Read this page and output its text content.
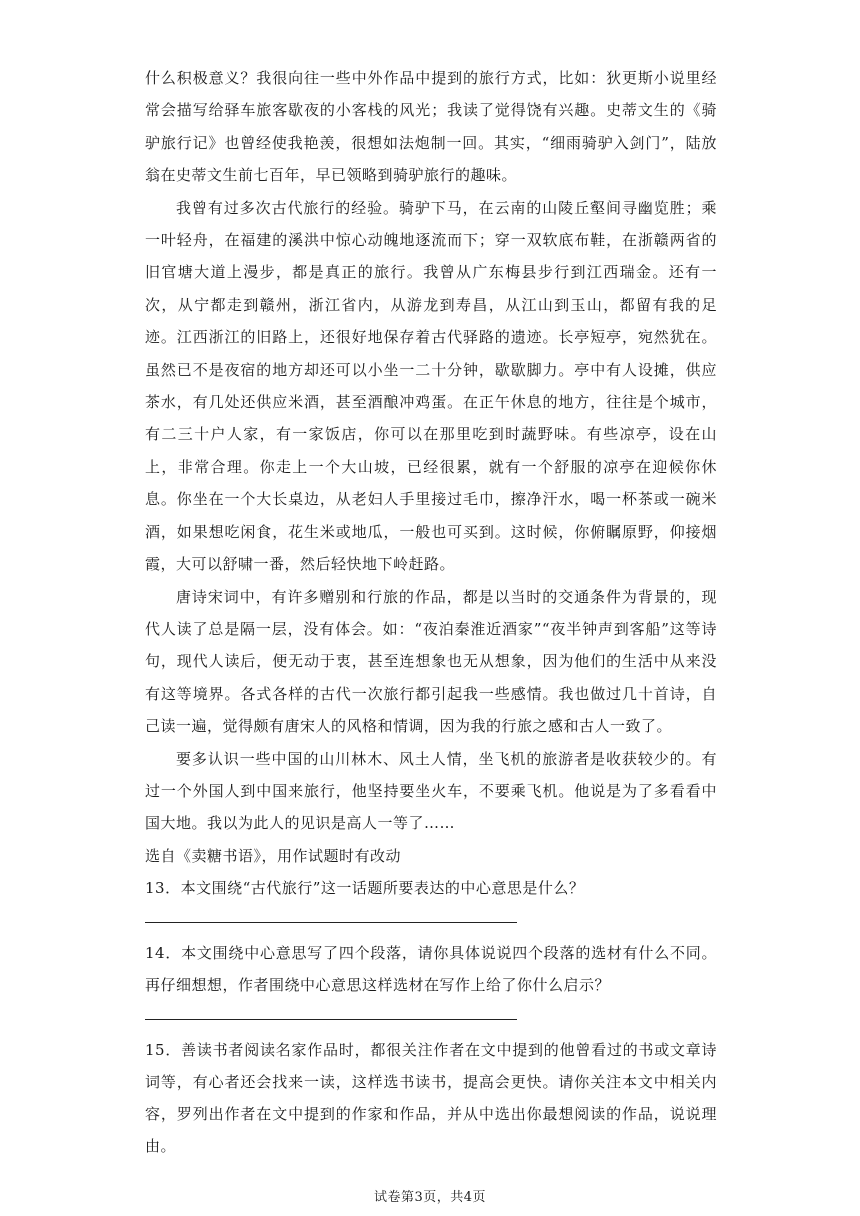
什么积极意义？我很向往一些中外作品中提到的旅行方式，比如：狄更斯小说里经常会描写给驿车旅客歇夜的小客栈的风光；我读了觉得饶有兴趣。史蒂文生的《骑驴旅行记》也曾经使我艳羡，很想如法炮制一回。其实，“细雨骑驴入剑门”，陆放翁在史蒂文生前七百年，早已领略到骑驴旅行的趣味。

我曾有过多次古代旅行的经验。骑驴下马，在云南的山陵丘壑间寻幽览胜；乘一叶轻舟，在福建的溪洪中惊心动魄地逐流而下；穿一双软底布鞋，在浙赣两省的旧官塘大道上漫步，都是真正的旅行。我曾从广东梅县步行到江西瑞金。还有一次，从宁都走到赣州，浙江省内，从游龙到寿昌，从江山到玉山，都留有我的足迹。江西浙江的旧路上，还很好地保存着古代驿路的遗迹。长亭短亭，宛然犹在。虽然已不是夜宿的地方却还可以小坐一二十分钟，歇歇脚力。亭中有人设摊，供应茶水，有几处还供应米酒，甚至酒酿冲鸡蛋。在正午休息的地方，往往是个城市，有二三十户人家，有一家饭店，你可以在那里吃到时蔬野味。有些凉亭，设在山上，非常合理。你走上一个大山坡，已经很累，就有一个舒服的凉亭在迎候你休息。你坐在一个大长桌边，从老妇人手里接过毛巾，擦净汗水，喝一杯茶或一碗米酒，如果想吃闲食，花生米或地瓜，一般也可买到。这时候，你俯瞩原野，仰接烟霞，大可以舒啸一番，然后轻快地下岭赶路。

唐诗宋词中，有许多赠别和行旅的作品，都是以当时的交通条件为背景的，现代人读了总是隔一层，没有体会。如：“夜泊秦淮近酒家”“夜半钟声到客船”这等诗句，现代人读后，便无动于衷，甚至连想象也无从想象，因为他们的生活中从来没有这等境界。各式各样的古代一次旅行都引起我一些感情。我也做过几十首诗，自己读一遍，觉得颇有唐宋人的风格和情调，因为我的行旅之感和古人一致了。

要多认识一些中国的山川林木、风土人情，坐飞机的旅游者是收获较少的。有过一个外国人到中国来旅行，他坚持要坐火车，不要乘飞机。他说是为了多看看中国大地。我以为此人的见识是高人一等了……

选自《卖糖书语》，用作试题时有改动

13．本文围绕“古代旅行”这一话题所要表达的中心意思是什么？

14．本文围绕中心意思写了四个段落，请你具体说说四个段落的选材有什么不同。再仔细想想，作者围绕中心意思这样选材在写作上给了你什么启示？

15．善读书者阅读名家作品时，都很关注作者在文中提到的他曾看过的书或文章诗词等，有心者还会找来一读，这样选书读书，提高会更快。请你关注本文中相关内容，罗列出作者在文中提到的作家和作品，并从中选出你最想阅读的作品，说说理由。

试卷第3页，共4页
